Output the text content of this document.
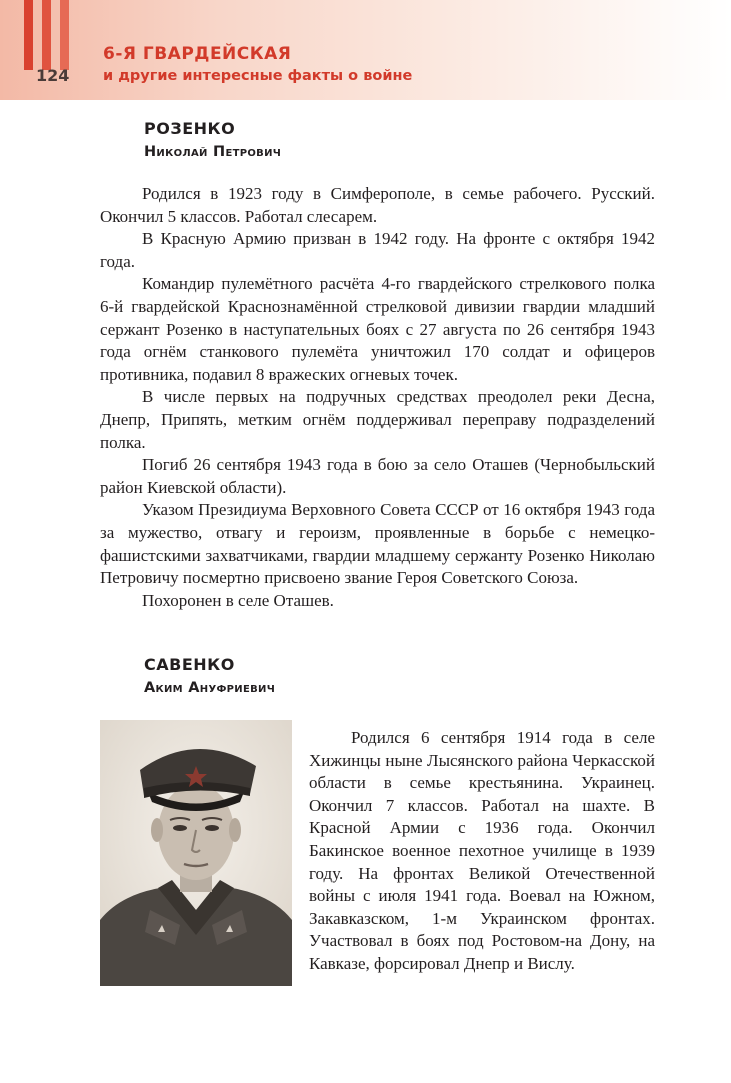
124
6-Я ГВАРДЕЙСКАЯ
и другие интересные факты о войне
РОЗЕНКО
Николай Петрович

Родился в 1923 году в Симферополе, в семье рабочего. Русский. Окончил 5 классов. Работал слесарем.

В Красную Армию призван в 1942 году. На фронте с октября 1942 года.

Командир пулемётного расчёта 4-го гвардейского стрелкового полка 6-й гвардейской Краснознамённой стрелковой дивизии гвардии младший сержант Розенко в наступательных боях с 27 августа по 26 сентября 1943 года огнём станкового пулемёта уничтожил 170 солдат и офицеров противника, подавил 8 вражеских огневых точек.

В числе первых на подручных средствах преодолел реки Десна, Днепр, Припять, метким огнём поддерживал переправу подразделений полка.

Погиб 26 сентября 1943 года в бою за село Оташев (Чернобыльский район Киевской области).

Указом Президиума Верховного Совета СССР от 16 октября 1943 года за мужество, отвагу и героизм, проявленные в борьбе с немецко-фашистскими захватчиками, гвардии младшему сержанту Розенко Николаю Петровичу посмертно присвоено звание Героя Советского Союза.

Похоронен в селе Оташев.

САВЕНКО
Аким Ануфриевич

Родился 6 сентября 1914 года в селе Хижинцы ныне Лысянского района Черкасской области в семье крестьянина. Украинец. Окончил 7 классов. Работал на шахте. В Красной Армии с 1936 года. Окончил Бакинское военное пехотное училище в 1939 году. На фронтах Великой Отечественной войны с июля 1941 года. Воевал на Южном, Закавказском, 1-м Украинском фронтах. Участвовал в боях под Ростовом-на Дону, на Кавказе, форсировал Днепр и Вислу.
